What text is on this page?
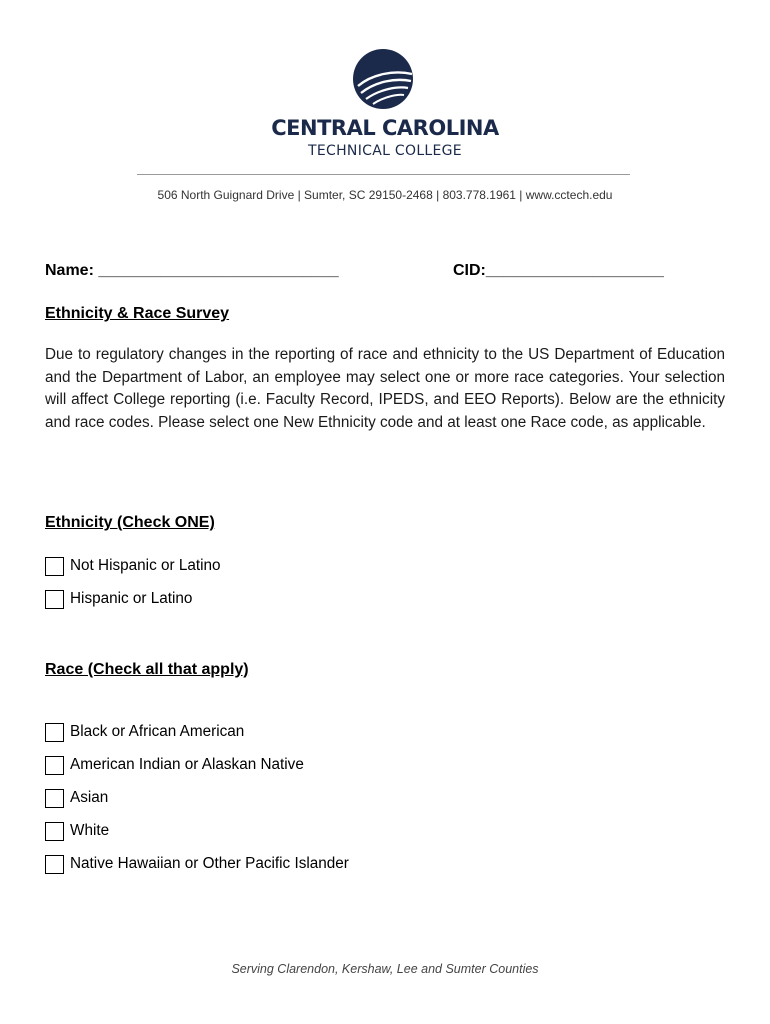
CENTRAL CAROLINA
TECHNICAL COLLEGE
506 North Guignard Drive | Sumter, SC 29150-2468 | 803.778.1961 | www.cctech.edu
Name: ___________________________	CID:____________________
Ethnicity & Race Survey
Due to regulatory changes in the reporting of race and ethnicity to the US Department of Education and the Department of Labor, an employee may select one or more race categories. Your selection will affect College reporting (i.e. Faculty Record, IPEDS, and EEO Reports). Below are the ethnicity and race codes. Please select one New Ethnicity code and at least one Race code, as applicable.
Ethnicity (Check ONE)
Not Hispanic or Latino
Hispanic or Latino
Race (Check all that apply)
Black or African American
American Indian or Alaskan Native
Asian
White
Native Hawaiian or Other Pacific Islander
Serving Clarendon, Kershaw, Lee and Sumter Counties
